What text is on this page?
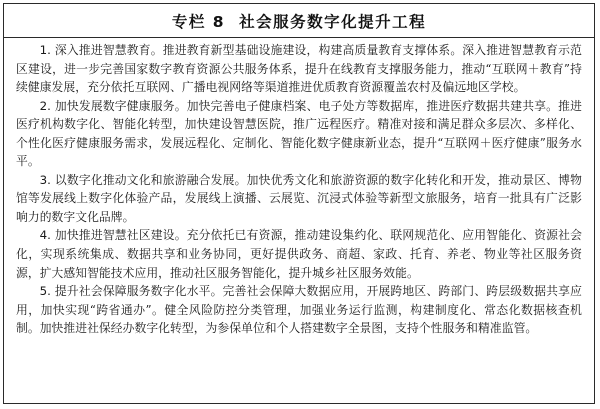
专栏 8 社会服务数字化提升工程

1. 深入推进智慧教育。推进教育新型基础设施建设，构建高质量教育支撑体系。深入推进智慧教育示范区建设，进一步完善国家数字教育资源公共服务体系，提升在线教育支撑服务能力，推动“互联网＋教育”持续健康发展，充分依托互联网、广播电视网络等渠道推进优质教育资源覆盖农村及偏远地区学校。

2. 加快发展数字健康服务。加快完善电子健康档案、电子处方等数据库，推进医疗数据共建共享。推进医疗机构数字化、智能化转型，加快建设智慧医院，推广远程医疗。精准对接和满足群众多层次、多样化、个性化医疗健康服务需求，发展远程化、定制化、智能化数字健康新业态，提升“互联网＋医疗健康”服务水平。

3. 以数字化推动文化和旅游融合发展。加快优秀文化和旅游资源的数字化转化和开发，推动景区、博物馆等发展线上数字化体验产品，发展线上演播、云展览、沉浸式体验等新型文旅服务，培育一批具有广泛影响力的数字文化品牌。

4. 加快推进智慧社区建设。充分依托已有资源，推动建设集约化、联网规范化、应用智能化、资源社会化，实现系统集成、数据共享和业务协同，更好提供政务、商超、家政、托育、养老、物业等社区服务资源，扩大感知智能技术应用，推动社区服务智能化，提升城乡社区服务效能。

5. 提升社会保障服务数字化水平。完善社会保障大数据应用，开展跨地区、跨部门、跨层级数据共享应用，加快实现“跨省通办”。健全风险防控分类管理，加强业务运行监测，构建制度化、常态化数据核查机制。加快推进社保经办数字化转型，为参保单位和个人搭建数字全景图，支持个性服务和精准监管。
